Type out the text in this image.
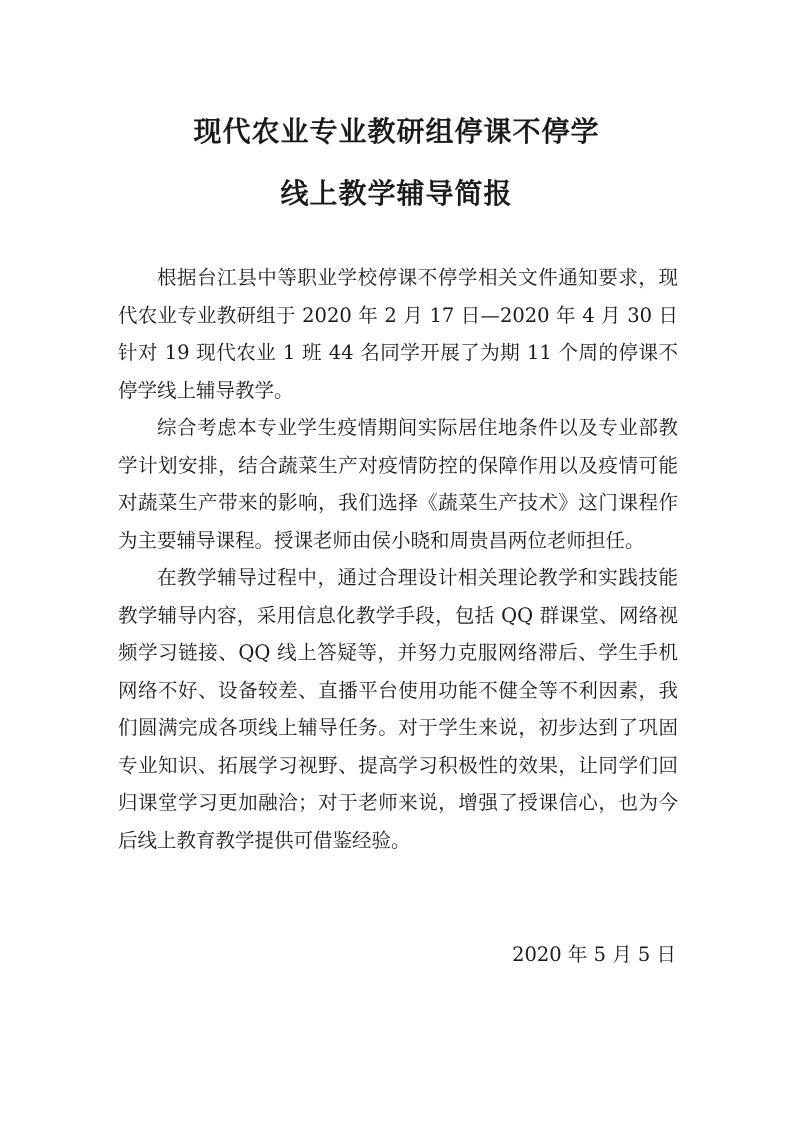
现代农业专业教研组停课不停学
线上教学辅导简报

根据台江县中等职业学校停课不停学相关文件通知要求，现代农业专业教研组于 2020 年 2 月 17 日—2020 年 4 月 30 日针对 19 现代农业 1 班 44 名同学开展了为期 11 个周的停课不停学线上辅导教学。

综合考虑本专业学生疫情期间实际居住地条件以及专业部教学计划安排，结合蔬菜生产对疫情防控的保障作用以及疫情可能对蔬菜生产带来的影响，我们选择《蔬菜生产技术》这门课程作为主要辅导课程。授课老师由侯小晓和周贵昌两位老师担任。

在教学辅导过程中，通过合理设计相关理论教学和实践技能教学辅导内容，采用信息化教学手段，包括 QQ 群课堂、网络视频学习链接、QQ 线上答疑等，并努力克服网络滞后、学生手机网络不好、设备较差、直播平台使用功能不健全等不利因素，我们圆满完成各项线上辅导任务。对于学生来说，初步达到了巩固专业知识、拓展学习视野、提高学习积极性的效果，让同学们回归课堂学习更加融洽；对于老师来说，增强了授课信心，也为今后线上教育教学提供可借鉴经验。

2020 年 5 月 5 日
